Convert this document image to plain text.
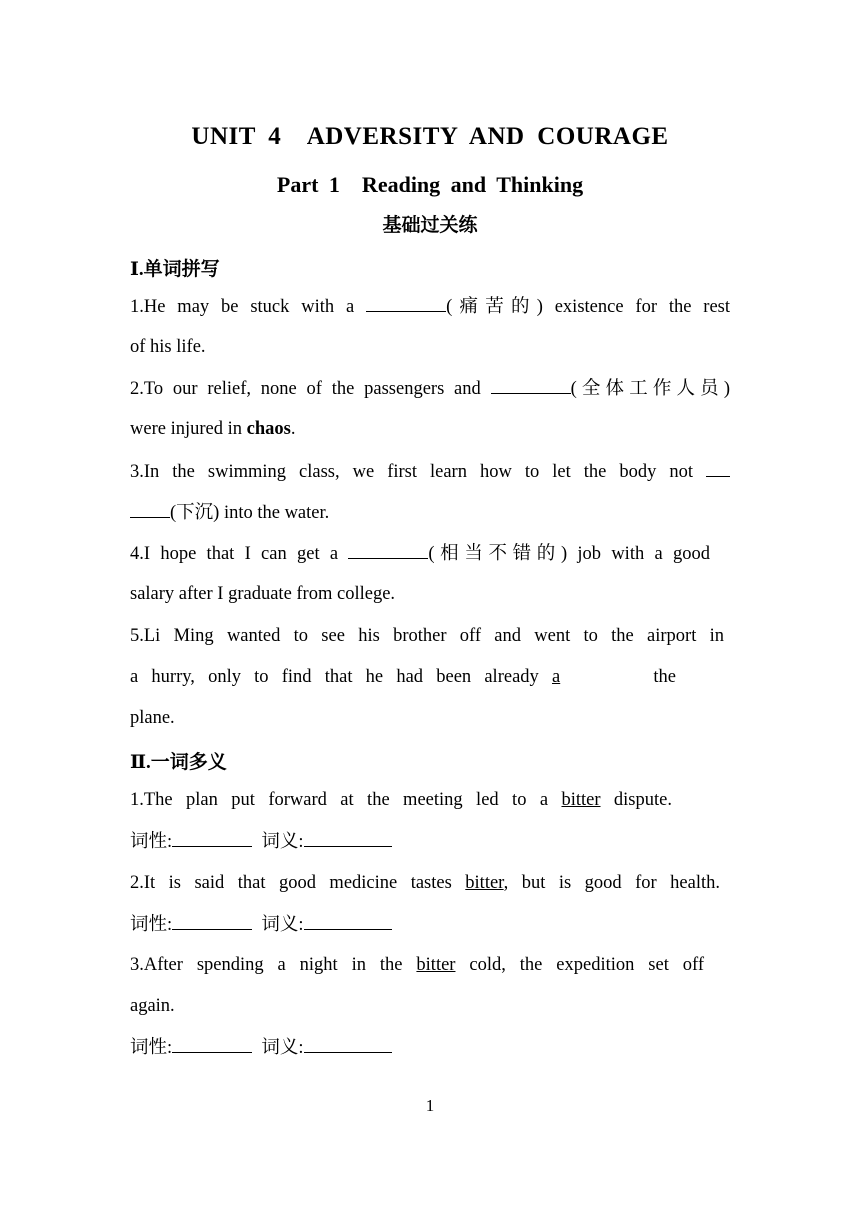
UNIT 4　ADVERSITY AND COURAGE
Part 1　Reading and Thinking
基础过关练
Ⅰ.单词拼写
1.He may be stuck with a	(痛苦的) existence for the rest
of his life.
2.To our relief, none of the passengers and	(全体工作人员)
were injured in chaos.
3.In the swimming class, we first learn how to let the body not
(下沉) into the water.
4.I hope that I can get a	(相当不错的) job with a good
salary after I graduate from college.
5.Li Ming wanted to see his brother off and went to the airport in
a hurry, only to find that he had been already a	the
plane.
Ⅱ.一词多义
1.The plan put forward at the meeting led to a bitter dispute.
词性:	词义:
2.It is said that good medicine tastes bitter, but is good for health.
词性:	词义:
3.After spending a night in the bitter cold, the expedition set off
again.
词性:	词义:
1
